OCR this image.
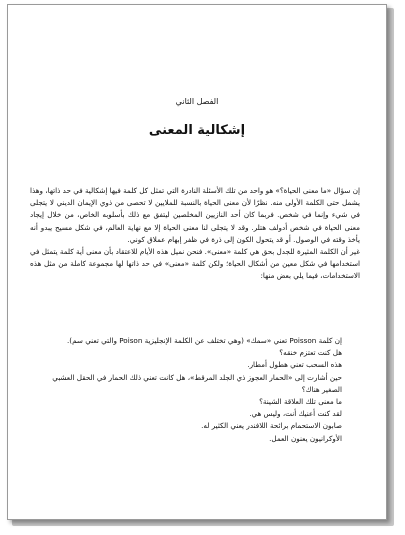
الفصل الثاني
إشكالية المعنى

إن سؤال «ما معنى الحياة؟» هو واحد من تلك الأسئلة النادرة التي تمثل كل كلمة فيها إشكالية في حد ذاتها، وهذا يشمل حتى الكلمة الأولى منه. نظرًا لأن معنى الحياة بالنسبة للملايين لا تحصى من ذوي الإيمان الديني لا يتجلى في شيء وإنما في شخص. فربما كان أحد النازيين المخلصين ليتفق مع ذلك بأسلوبه الخاص، من خلال إيجاد معنى الحياة في شخص أدولف هتلر. وقد لا يتجلى لنا معنى الحياة إلا مع نهاية العالم، في شكل مسيح يبدو أنه يأخذ وقته في الوصول. أو قد يتحول الكون إلى ذرة في ظفر إبهام عملاق كوني.

غير أن الكلمة المثيرة للجدل بحق هي كلمة «معنى». فنحن نميل هذه الأيام للاعتقاد بأن معنى أية كلمة يتمثل في استخدامها في شكل معين من أشكال الحياة؛ ولكن كلمة «معنى» في حد ذاتها لها مجموعة كاملة من مثل هذه الاستخدامات، فيما يلي بعض منها:

إن كلمة Poisson تعني «سمك» (وهي تختلف عن الكلمة الإنجليزية Poison والتي تعني سم).

هل كنت تعتزم خنقه؟

هذه السحب تعني هطول أمطار.

حين أشارت إلى «الحمار العجوز ذي الجلد المرقط»، هل كانت تعني ذلك الحمار في الحقل العشبي الصغير هناك؟

ما معنى تلك العلاقة الشينة؟

لقد كنت أعنيك أنت، وليس هي.

صابون الاستحمام برائحة اللافندر يعني الكثير له.

الأوكرانيون يعنون العمل.
